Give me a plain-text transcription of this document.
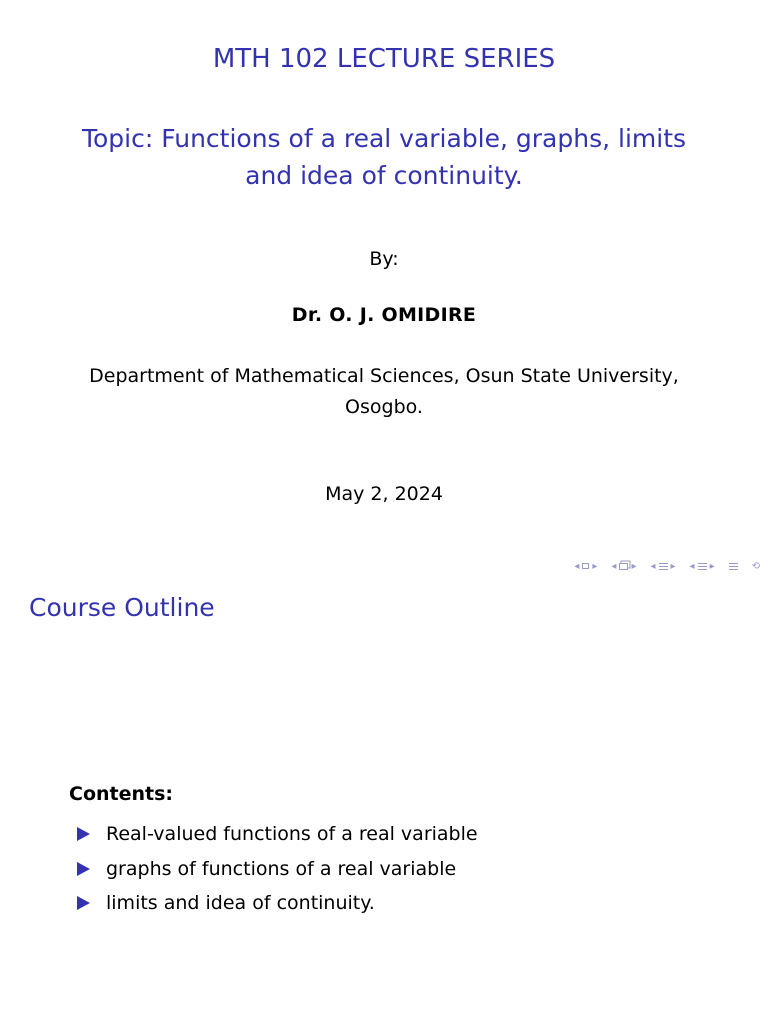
MTH 102 LECTURE SERIES
Topic: Functions of a real variable, graphs, limits and idea of continuity.
By:
Dr. O. J. OMIDIRE
Department of Mathematical Sciences, Osun State University, Osogbo.
May 2, 2024
◂ ▸ ◂ ▸ ◂ ▸ ◂ ▸	⟲
Course Outline
Contents:
Real-valued functions of a real variable
graphs of functions of a real variable
limits and idea of continuity.
